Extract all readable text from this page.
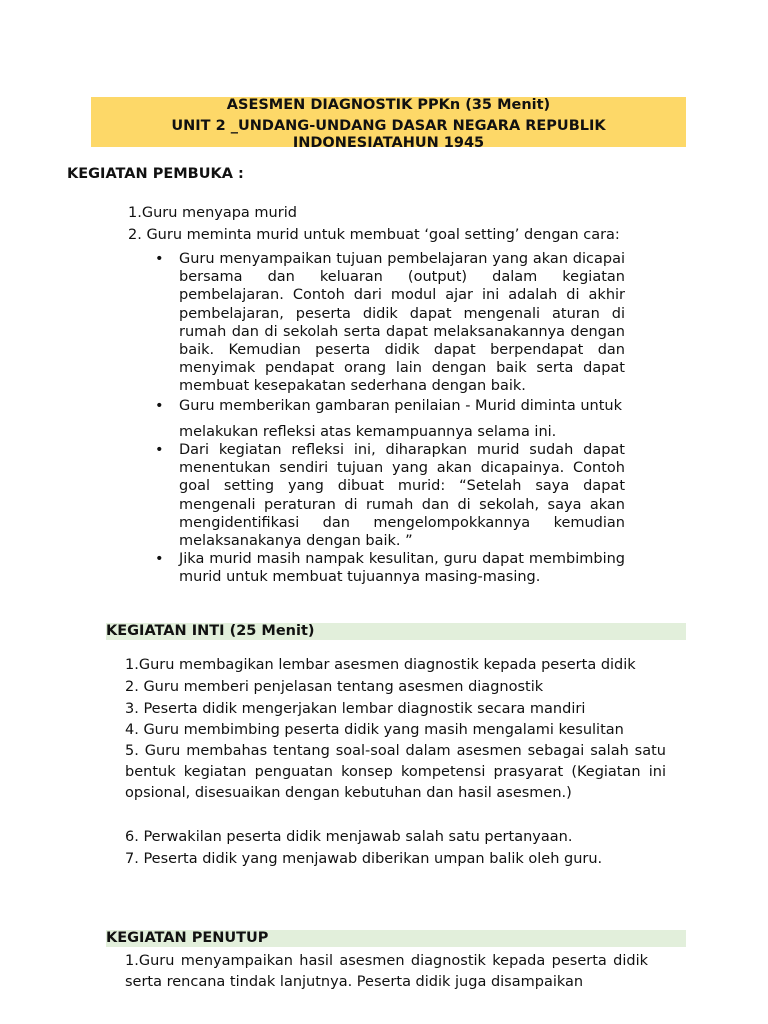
ASESMEN DIAGNOSTIK PPKn (35 Menit)
UNIT 2 _UNDANG-UNDANG DASAR NEGARA REPUBLIK
INDONESIATAHUN 1945
KEGIATAN PEMBUKA :
1.Guru menyapa murid
2. Guru meminta murid untuk membuat ‘goal setting’ dengan cara:
•	Guru menyampaikan tujuan pembelajaran yang akan dicapai bersama dan keluaran (output) dalam kegiatan pembelajaran. Contoh dari modul ajar ini adalah di akhir pembelajaran, peserta didik dapat mengenali aturan di rumah dan di sekolah serta dapat melaksanakannya dengan baik. Kemudian peserta didik dapat berpendapat dan menyimak pendapat orang lain dengan baik serta dapat membuat kesepakatan sederhana dengan baik.
•	Guru memberikan gambaran penilaian - Murid diminta untuk
melakukan refleksi atas kemampuannya selama ini.
•	Dari kegiatan refleksi ini, diharapkan murid sudah dapat menentukan sendiri tujuan yang akan dicapainya. Contoh goal setting yang dibuat murid: “Setelah saya dapat mengenali peraturan di rumah dan di sekolah, saya akan mengidentifikasi dan mengelompokkannya kemudian melaksanakanya dengan baik. ”
•	Jika murid masih nampak kesulitan, guru dapat membimbing murid untuk membuat tujuannya masing-masing.
KEGIATAN INTI (25 Menit)
1.Guru membagikan lembar asesmen diagnostik kepada peserta didik
2. Guru memberi penjelasan tentang asesmen diagnostik
3. Peserta didik mengerjakan lembar diagnostik secara mandiri
4. Guru membimbing peserta didik yang masih mengalami kesulitan
5. Guru membahas tentang soal-soal dalam asesmen sebagai salah satu bentuk kegiatan penguatan konsep kompetensi prasyarat (Kegiatan ini opsional, disesuaikan dengan kebutuhan dan hasil asesmen.)
6. Perwakilan peserta didik menjawab salah satu pertanyaan.
7. Peserta didik yang menjawab diberikan umpan balik oleh guru.
KEGIATAN PENUTUP
1.Guru menyampaikan hasil asesmen diagnostik kepada peserta didik serta rencana tindak lanjutnya. Peserta didik juga disampaikan
